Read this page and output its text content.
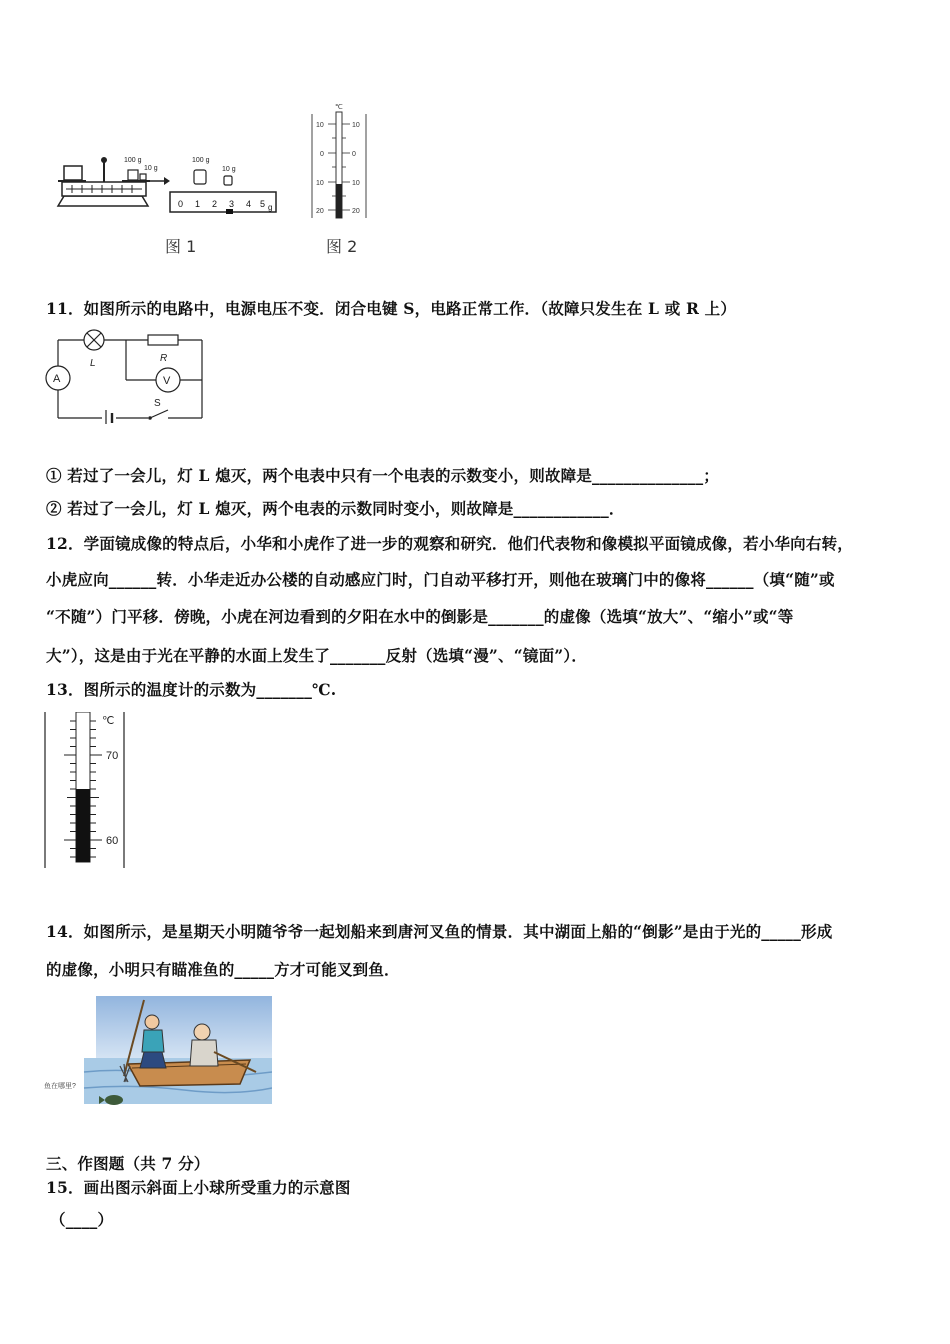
100 g
10 g
100 g
10 g
0 1 2 3 4 5 g
图 1
℃
10
0
10
20
10
0
10
20
图 2
11．如图所示的电路中，电源电压不变．闭合电键 S，电路正常工作．（故障只发生在 L 或 R 上）
L	R
A	V
S
① 若过了一会儿，灯 L 熄灭，两个电表中只有一个电表的示数变小，则故障是______________；
② 若过了一会儿，灯 L 熄灭，两个电表的示数同时变小，则故障是____________．
12．学面镜成像的特点后，小华和小虎作了进一步的观察和研究．他们代表物和像模拟平面镜成像，若小华向右转，
小虎应向______转．小华走近办公楼的自动感应门时，门自动平移打开，则他在玻璃门中的像将______（填“随”或
“不随”）门平移．傍晚，小虎在河边看到的夕阳在水中的倒影是_______的虚像（选填“放大”、“缩小”或“等
大”），这是由于光在平静的水面上发生了_______反射（选填“漫”、“镜面”）．
13．图所示的温度计的示数为_______℃.
℃
70
60
14．如图所示，是星期天小明随爷爷一起划船来到唐河叉鱼的情景．其中湖面上船的“倒影”是由于光的_____形成
的虚像，小明只有瞄准鱼的_____方才可能叉到鱼．
鱼在哪里?
三、作图题（共 7 分）
15．画出图示斜面上小球所受重力的示意图
（____）
